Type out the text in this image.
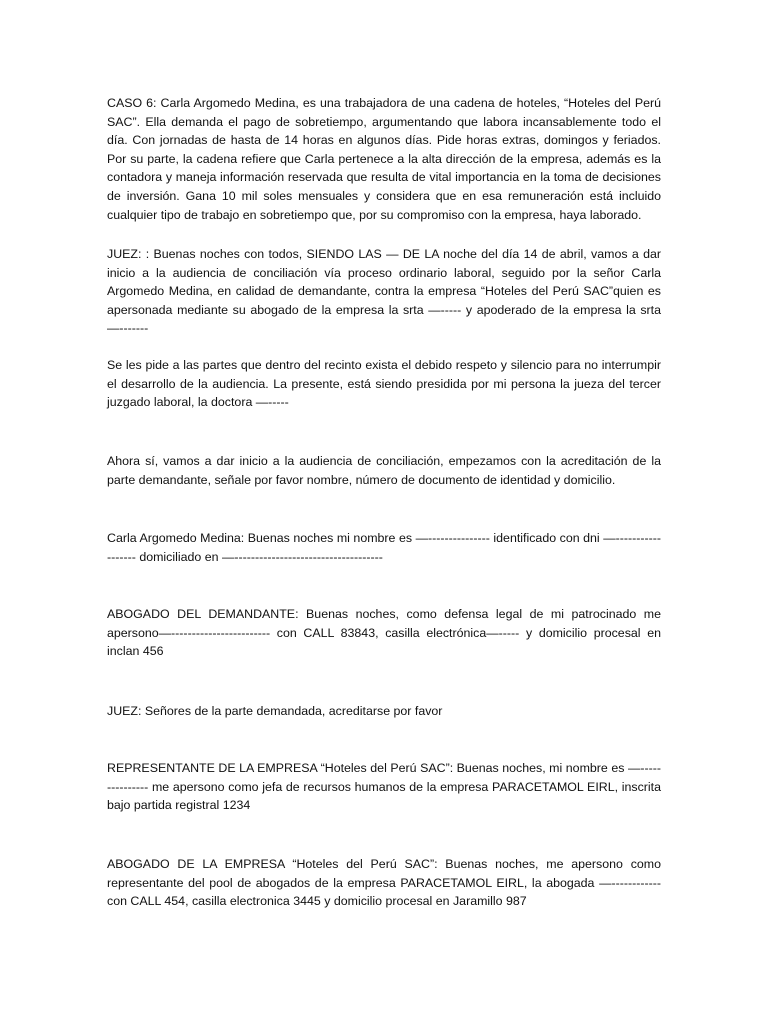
CASO 6: Carla Argomedo Medina, es una trabajadora de una cadena de hoteles, “Hoteles del Perú SAC”. Ella demanda el pago de sobretiempo, argumentando que labora incansablemente todo el día. Con jornadas de hasta de 14 horas en algunos días. Pide horas extras, domingos y feriados. Por su parte, la cadena refiere que Carla pertenece a la alta dirección de la empresa, además es la contadora y maneja información reservada que resulta de vital importancia en la toma de decisiones de inversión. Gana 10 mil soles mensuales y considera que en esa remuneración está incluido cualquier tipo de trabajo en sobretiempo que, por su compromiso con la empresa, haya laborado.

JUEZ: : Buenas noches con todos, SIENDO LAS — DE LA noche del día 14 de abril, vamos a dar inicio a la audiencia de conciliación vía proceso ordinario laboral, seguido por la señor Carla Argomedo Medina, en calidad de demandante, contra la empresa “Hoteles del Perú SAC”quien es apersonada mediante su abogado de la empresa la srta —----- y apoderado de la empresa la srta —-------

Se les pide a las partes que dentro del recinto exista el debido respeto y silencio para no interrumpir el desarrollo de la audiencia. La presente, está siendo presidida por mi persona la jueza del tercer juzgado laboral, la doctora —-----

Ahora sí, vamos a dar inicio a la audiencia de conciliación, empezamos con la acreditación de la parte demandante, señale por favor nombre, número de documento de identidad y domicilio.

Carla Argomedo Medina: Buenas noches mi nombre es —--------------- identificado con dni —------------------ domiciliado en —------------------------------------

ABOGADO DEL DEMANDANTE: Buenas noches, como defensa legal de mi patrocinado me apersono—------------------------ con CALL 83843, casilla electrónica—----- y domicilio procesal en inclan 456

JUEZ: Señores de la parte demandada, acreditarse por favor

REPRESENTANTE DE LA EMPRESA “Hoteles del Perú SAC”: Buenas noches, mi nombre es —--------------- me apersono como jefa de recursos humanos de la empresa PARACETAMOL EIRL, inscrita bajo partida registral 1234

ABOGADO DE LA EMPRESA “Hoteles del Perú SAC”: Buenas noches, me apersono como representante del pool de abogados de la empresa PARACETAMOL EIRL, la abogada —------------ con CALL 454, casilla electronica 3445 y domicilio procesal en Jaramillo 987
